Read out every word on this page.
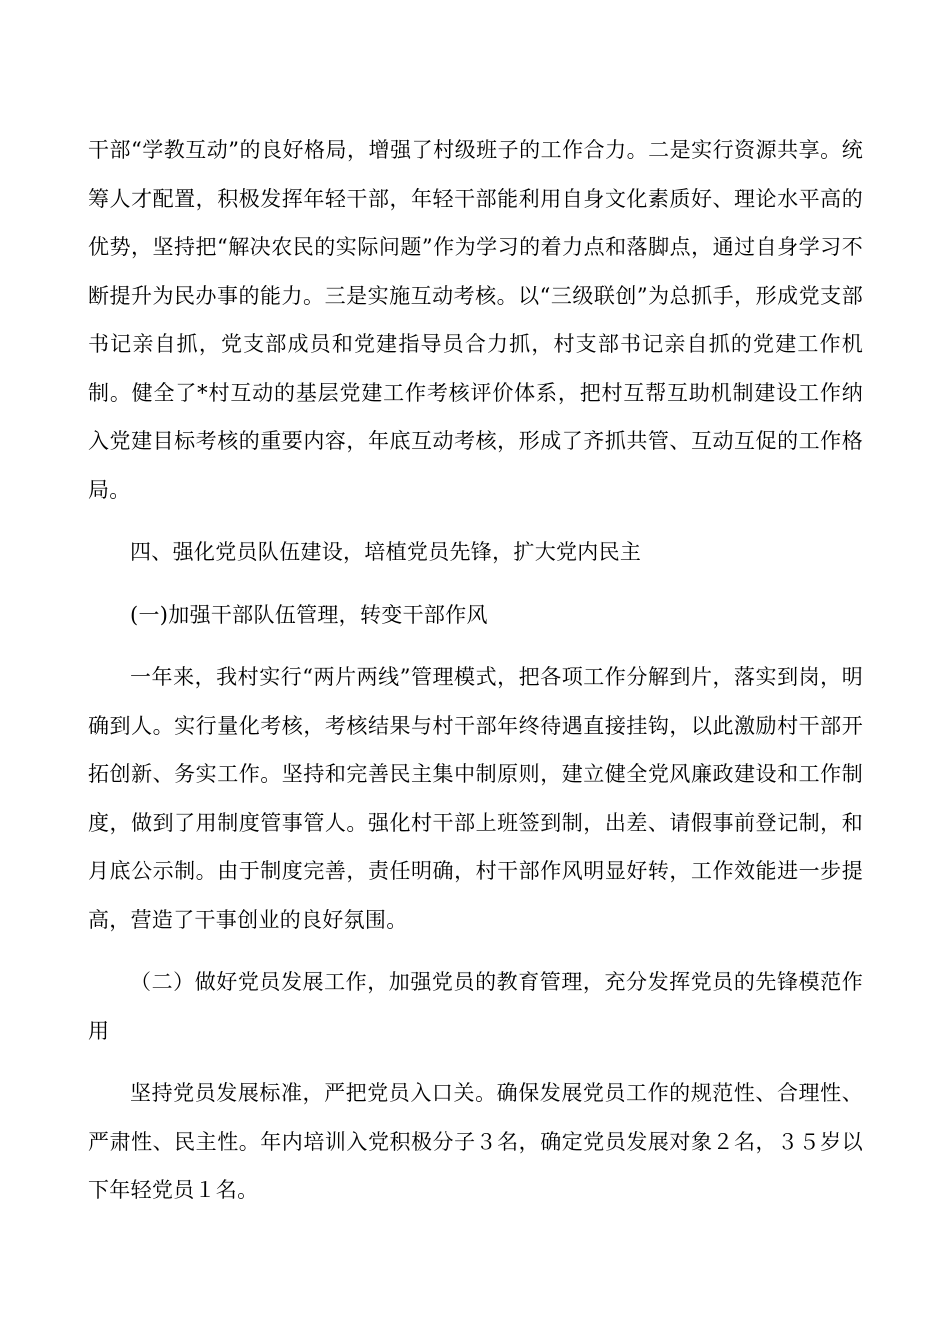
干部“学教互动”的良好格局，增强了村级班子的工作合力。二是实行资源共享。统筹人才配置，积极发挥年轻干部，年轻干部能利用自身文化素质好、理论水平高的优势，坚持把“解决农民的实际问题”作为学习的着力点和落脚点，通过自身学习不断提升为民办事的能力。三是实施互动考核。以“三级联创”为总抓手，形成党支部书记亲自抓，党支部成员和党建指导员合力抓，村支部书记亲自抓的党建工作机制。健全了*村互动的基层党建工作考核评价体系，把村互帮互助机制建设工作纳入党建目标考核的重要内容，年底互动考核，形成了齐抓共管、互动互促的工作格局。

四、强化党员队伍建设，培植党员先锋，扩大党内民主

(一)加强干部队伍管理，转变干部作风

一年来，我村实行“两片两线”管理模式，把各项工作分解到片，落实到岗，明确到人。实行量化考核，考核结果与村干部年终待遇直接挂钩，以此激励村干部开拓创新、务实工作。坚持和完善民主集中制原则，建立健全党风廉政建设和工作制度，做到了用制度管事管人。强化村干部上班签到制，出差、请假事前登记制，和月底公示制。由于制度完善，责任明确，村干部作风明显好转，工作效能进一步提高，营造了干事创业的良好氛围。

（二）做好党员发展工作，加强党员的教育管理，充分发挥党员的先锋模范作用

坚持党员发展标准，严把党员入口关。确保发展党员工作的规范性、合理性、严肃性、民主性。年内培训入党积极分子３名，确定党员发展对象２名，３５岁以下年轻党员１名。
